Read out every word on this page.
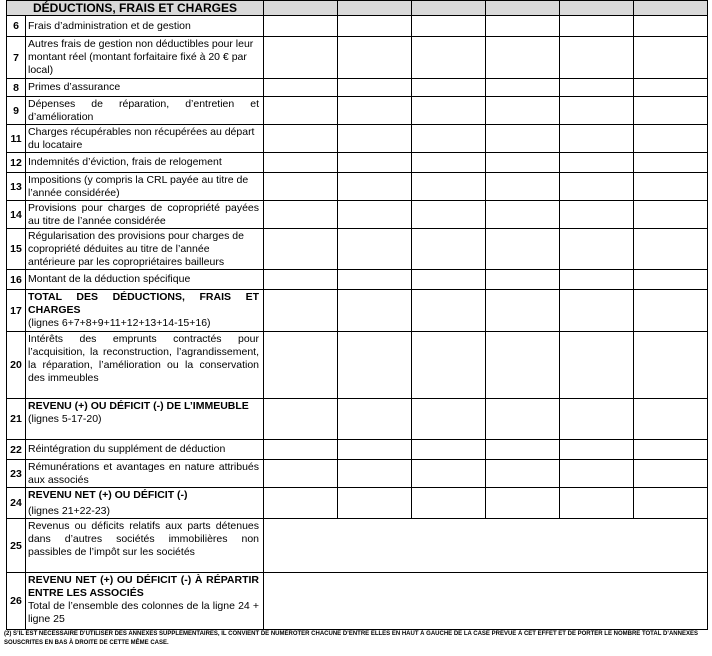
DÉDUCTIONS, FRAIS ET CHARGES							
6	Frais d’administration et de gestion						
7	Autres frais de gestion non déductibles pour leur montant réel (montant forfaitaire fixé à 20 € par local)						
8	Primes d’assurance						
9	Dépenses de réparation, d’entretien et d’amélioration						
11	Charges récupérables non récupérées au départ du locataire						
12	Indemnités d’éviction, frais de relogement						
13	Impositions (y compris la CRL payée au titre de l’année considérée)						
14	Provisions pour charges de copropriété payées au titre de l’année considérée						
15	Régularisation des provisions pour charges de copropriété déduites au titre de l’année antérieure par les copropriétaires bailleurs						
16	Montant de la déduction spécifique						
17	TOTAL DES DÉDUCTIONS, FRAIS ET CHARGES
(lignes 6+7+8+9+11+12+13+14-15+16)						

20	Intérêts des emprunts contractés pour l’acquisition, la reconstruction, l’agrandissement, la réparation, l’amélioration ou la conservation des immeubles						
21	REVENU (+) OU DÉFICIT (-) DE L’IMMEUBLE
(lignes 5-17-20)						

22	Réintégration du supplément de déduction						
23	Rémunérations et avantages en nature attribués aux associés						
24	REVENU NET (+) OU DÉFICIT (-)
(lignes 21+22-23)						

25	Revenus ou déficits relatifs aux parts détenues dans d’autres sociétés immobilières non passibles de l’impôt sur les sociétés						
26	REVENU NET (+) OU DÉFICIT (-) À RÉPARTIR ENTRE LES ASSOCIÉS
Total de l’ensemble des colonnes de la ligne 24 + ligne 25						

(2) S’IL EST NÉCESSAIRE D’UTILISER DES ANNEXES SUPPLÉMENTAIRES, IL CONVIENT DE NUMÉROTER CHACUNE D’ENTRE ELLES EN HAUT À GAUCHE DE LA CASE PRÉVUE À CET EFFET ET DE PORTER LE NOMBRE TOTAL D’ANNEXES SOUSCRITES EN BAS À DROITE DE CETTE MÊME CASE.
